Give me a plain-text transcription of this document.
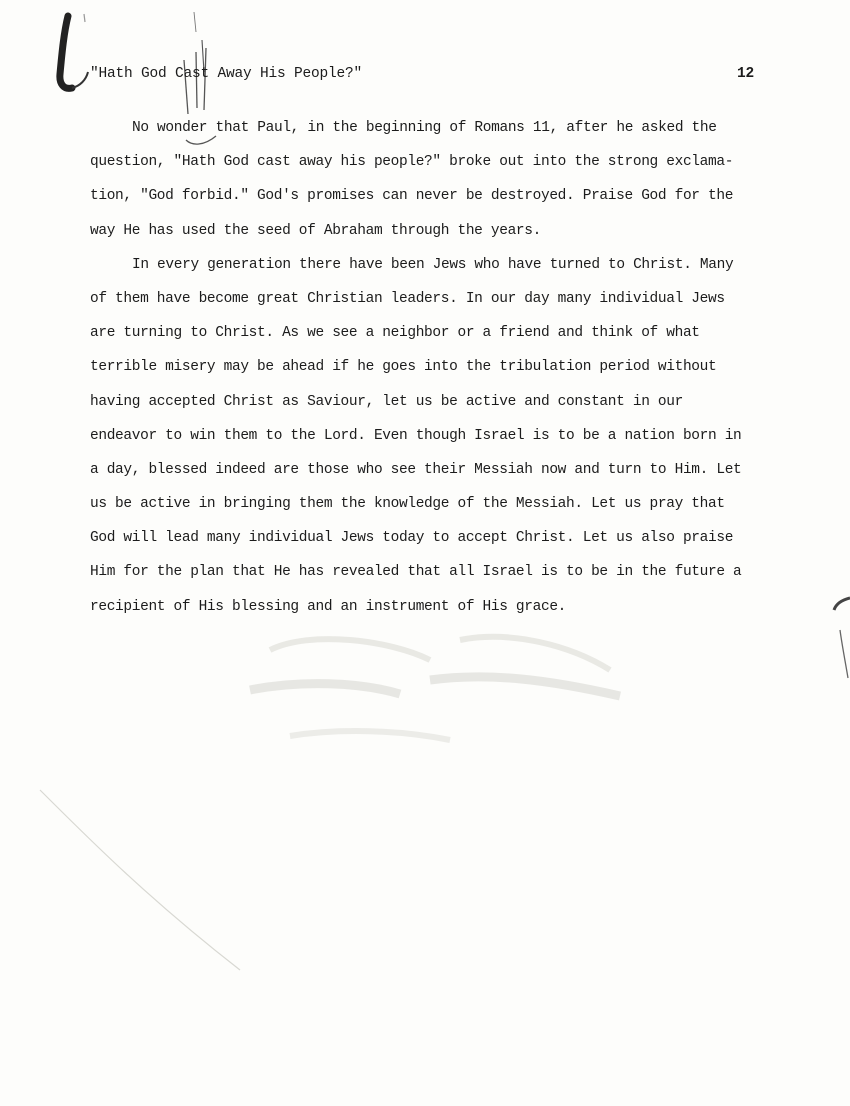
"Hath God Cast Away His People?"	12
No wonder that Paul, in the beginning of Romans 11, after he asked the
question, "Hath God cast away his people?" broke out into the strong exclama-
tion, "God forbid." God's promises can never be destroyed. Praise God for the
way He has used the seed of Abraham through the years.
In every generation there have been Jews who have turned to Christ. Many
of them have become great Christian leaders. In our day many individual Jews
are turning to Christ. As we see a neighbor or a friend and think of what
terrible misery may be ahead if he goes into the tribulation period without
having accepted Christ as Saviour, let us be active and constant in our
endeavor to win them to the Lord. Even though Israel is to be a nation born in
a day, blessed indeed are those who see their Messiah now and turn to Him. Let
us be active in bringing them the knowledge of the Messiah. Let us pray that
God will lead many individual Jews today to accept Christ. Let us also praise
Him for the plan that He has revealed that all Israel is to be in the future a
recipient of His blessing and an instrument of His grace.
